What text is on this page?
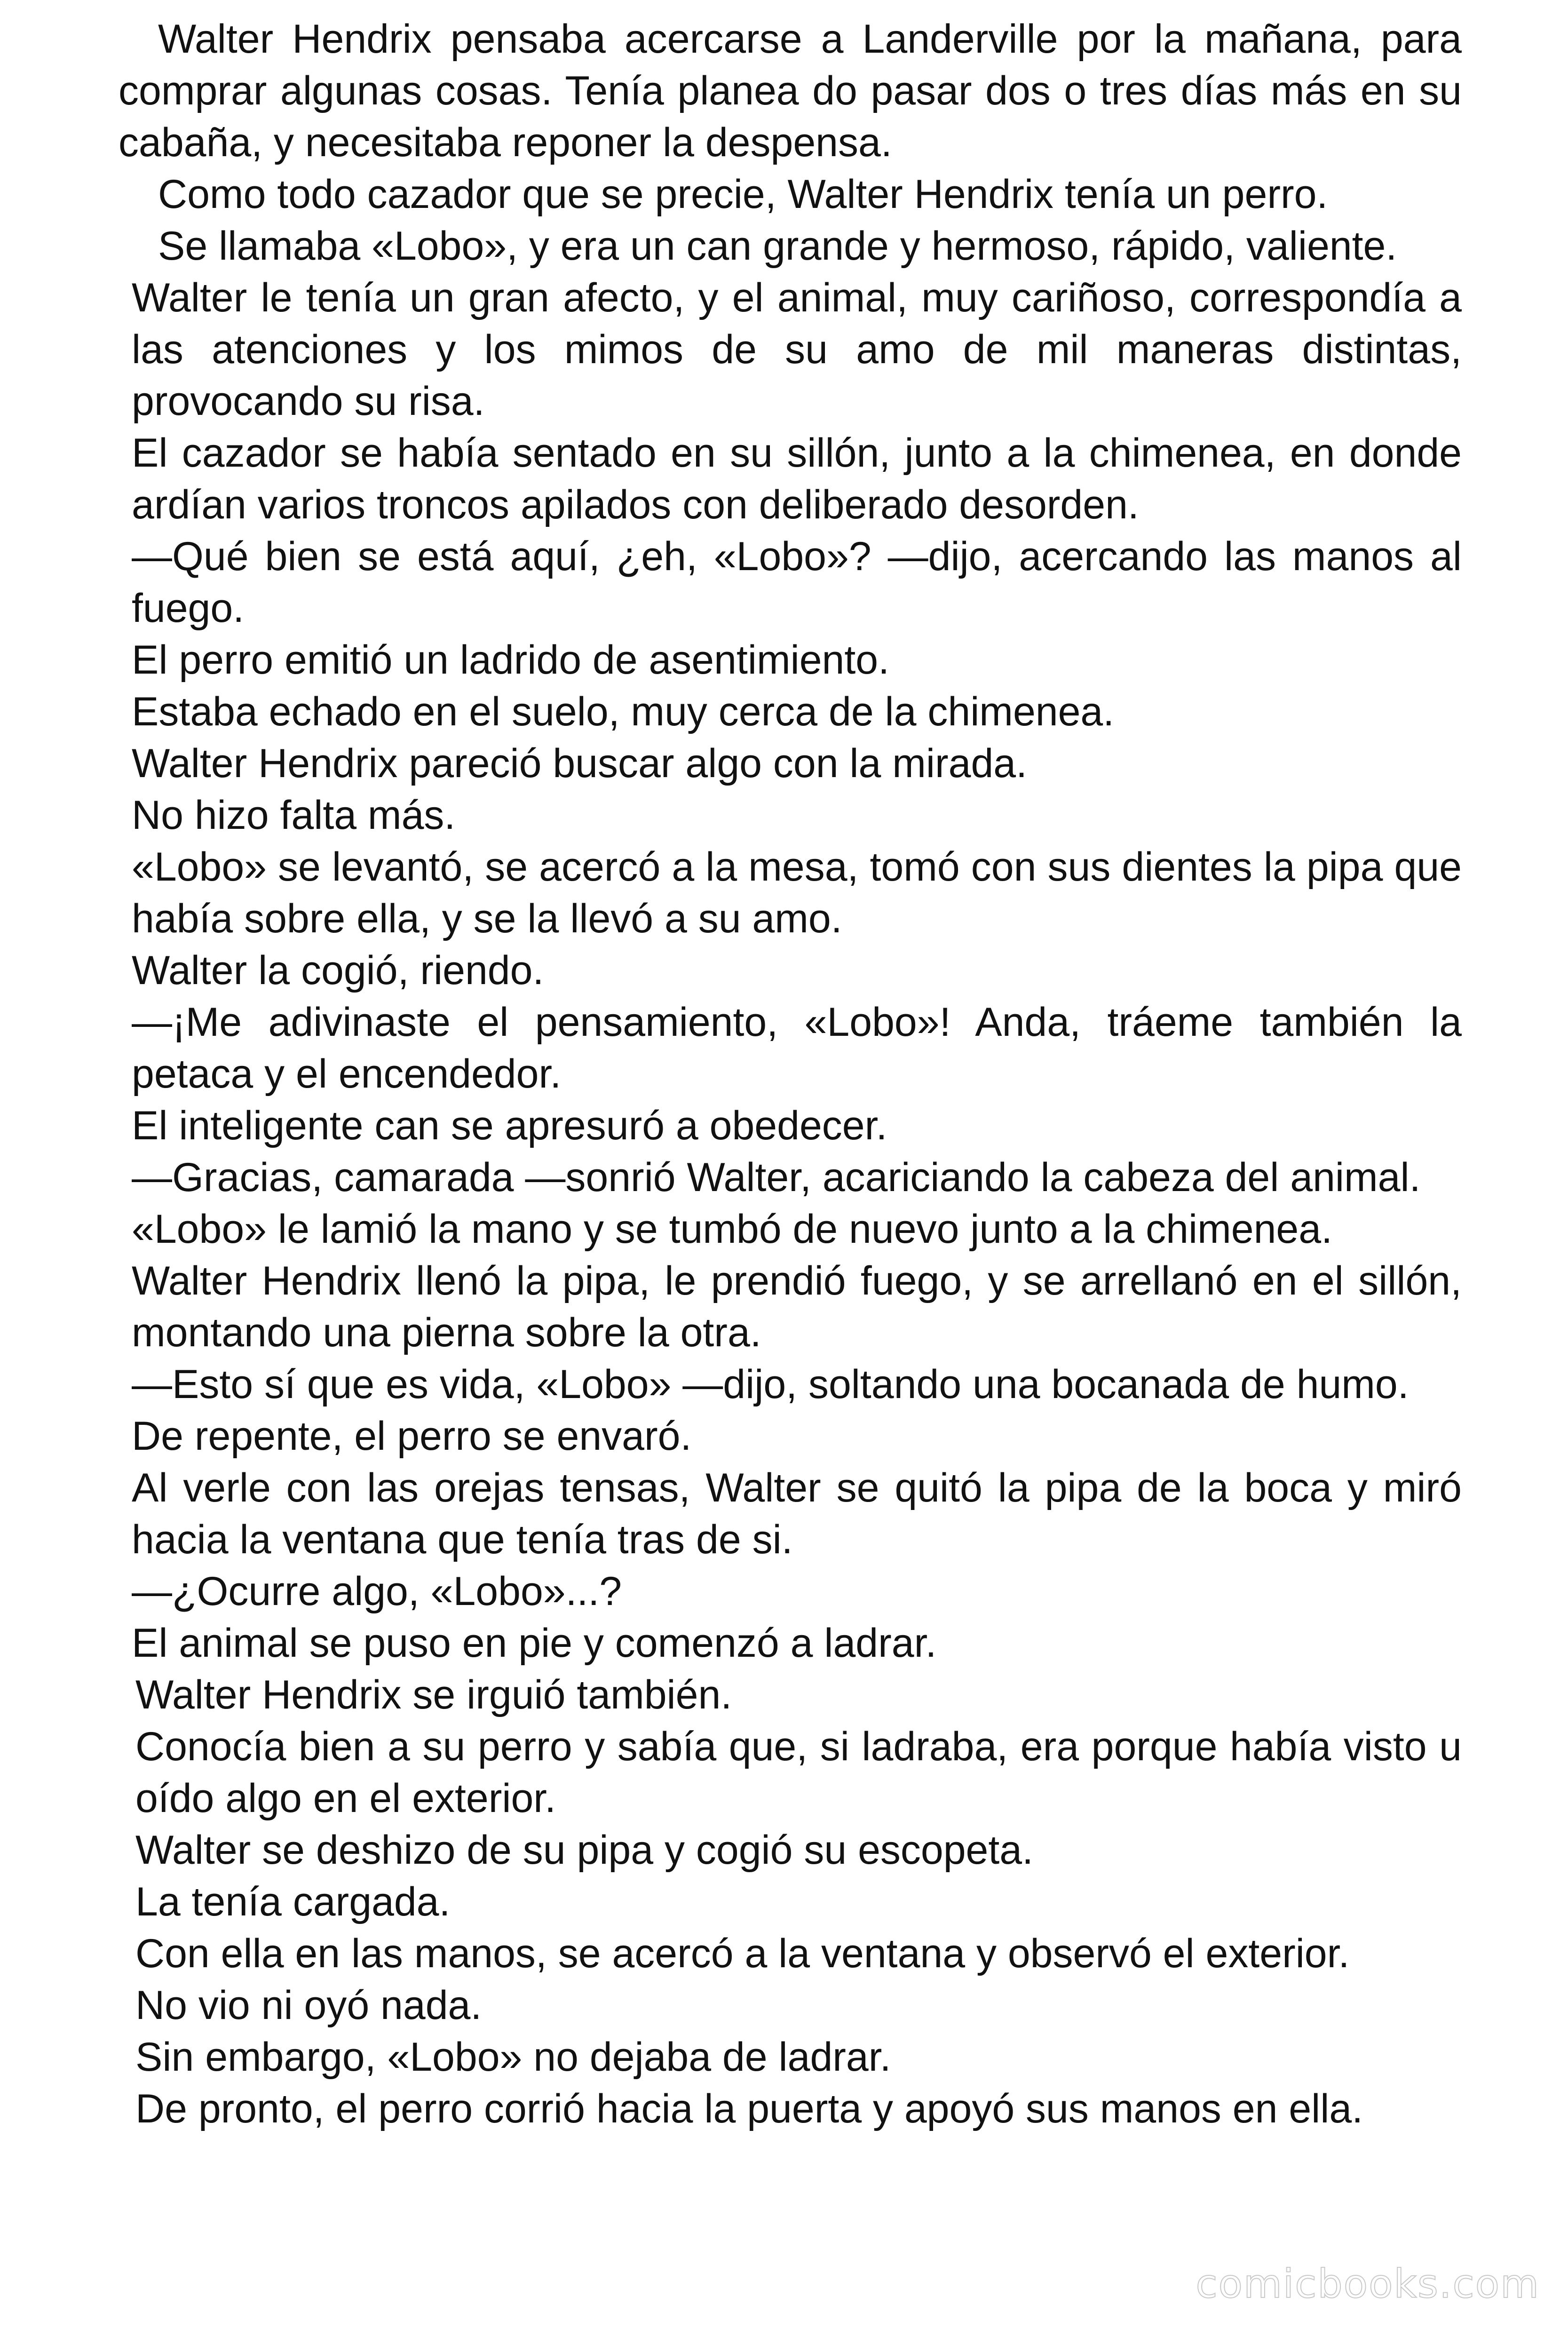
Walter Hendrix pensaba acercarse a Landerville por la mañana, para comprar algunas cosas. Tenía planea do pasar dos o tres días más en su cabaña, y necesitaba reponer la despensa.

Como todo cazador que se precie, Walter Hendrix tenía un perro.

Se llamaba «Lobo», y era un can grande y hermoso, rápido, valiente.

Walter le tenía un gran afecto, y el animal, muy cariñoso, correspondía a las atenciones y los mimos de su amo de mil maneras distintas, provocando su risa.

El cazador se había sentado en su sillón, junto a la chimenea, en donde ardían varios troncos apilados con deliberado desorden.

—Qué bien se está aquí, ¿eh, «Lobo»? —dijo, acercando las manos al fuego.

El perro emitió un ladrido de asentimiento.

Estaba echado en el suelo, muy cerca de la chimenea.

Walter Hendrix pareció buscar algo con la mirada.

No hizo falta más.

«Lobo» se levantó, se acercó a la mesa, tomó con sus dientes la pipa que había sobre ella, y se la llevó a su amo.

Walter la cogió, riendo.

—¡Me adivinaste el pensamiento, «Lobo»! Anda, tráeme también la petaca y el encendedor.

El inteligente can se apresuró a obedecer.

—Gracias, camarada —sonrió Walter, acariciando la cabeza del animal.

«Lobo» le lamió la mano y se tumbó de nuevo junto a la chimenea.

Walter Hendrix llenó la pipa, le prendió fuego, y se arrellanó en el sillón, montando una pierna sobre la otra.

—Esto sí que es vida, «Lobo» —dijo, soltando una bocanada de humo.

De repente, el perro se envaró.

Al verle con las orejas tensas, Walter se quitó la pipa de la boca y miró hacia la ventana que tenía tras de si.

—¿Ocurre algo, «Lobo»...?

El animal se puso en pie y comenzó a ladrar.

Walter Hendrix se irguió también.

Conocía bien a su perro y sabía que, si ladraba, era porque había visto u oído algo en el exterior.

Walter se deshizo de su pipa y cogió su escopeta.

La tenía cargada.

Con ella en las manos, se acercó a la ventana y observó el exterior.

No vio ni oyó nada.

Sin embargo, «Lobo» no dejaba de ladrar.

De pronto, el perro corrió hacia la puerta y apoyó sus manos en ella.

comicbooks.com
